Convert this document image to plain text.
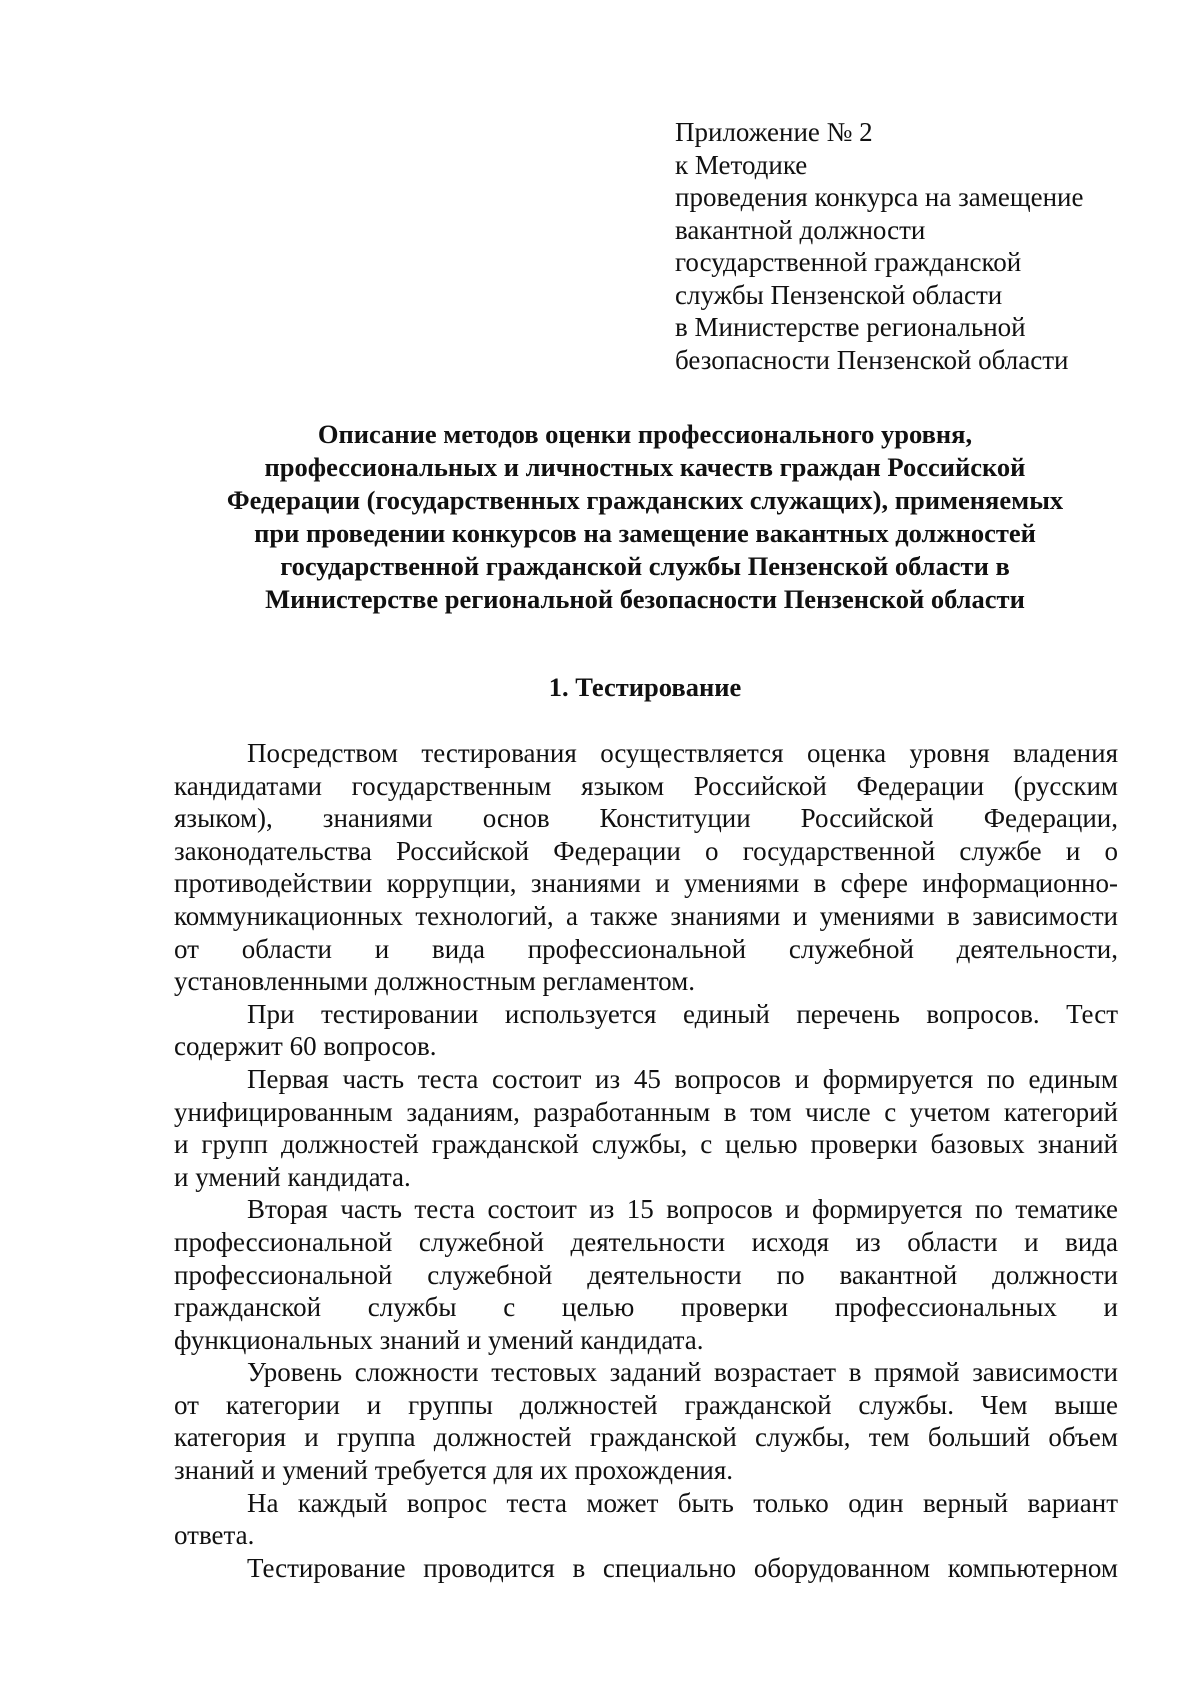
Приложение № 2
к Методике
проведения конкурса на замещение
вакантной должности
государственной гражданской
службы Пензенской области
в Министерстве региональной
безопасности Пензенской области
Описание методов оценки профессионального уровня,
профессиональных и личностных качеств граждан Российской
Федерации (государственных гражданских служащих), применяемых
при проведении конкурсов на замещение вакантных должностей
государственной гражданской службы Пензенской области в
Министерстве региональной безопасности Пензенской области
1. Тестирование
Посредством тестирования осуществляется оценка уровня владения
кандидатами государственным языком Российской Федерации (русским
языком), знаниями основ Конституции Российской Федерации,
законодательства Российской Федерации о государственной службе и о
противодействии коррупции, знаниями и умениями в сфере информационно-
коммуникационных технологий, а также знаниями и умениями в зависимости
от области и вида профессиональной служебной деятельности,
установленными должностным регламентом.
При тестировании используется единый перечень вопросов. Тест
содержит 60 вопросов.
Первая часть теста состоит из 45 вопросов и формируется по единым
унифицированным заданиям, разработанным в том числе с учетом категорий
и групп должностей гражданской службы, с целью проверки базовых знаний
и умений кандидата.
Вторая часть теста состоит из 15 вопросов и формируется по тематике
профессиональной служебной деятельности исходя из области и вида
профессиональной служебной деятельности по вакантной должности
гражданской службы с целью проверки профессиональных и
функциональных знаний и умений кандидата.
Уровень сложности тестовых заданий возрастает в прямой зависимости
от категории и группы должностей гражданской службы. Чем выше
категория и группа должностей гражданской службы, тем больший объем
знаний и умений требуется для их прохождения.
На каждый вопрос теста может быть только один верный вариант
ответа.
Тестирование проводится в специально оборудованном компьютерном
